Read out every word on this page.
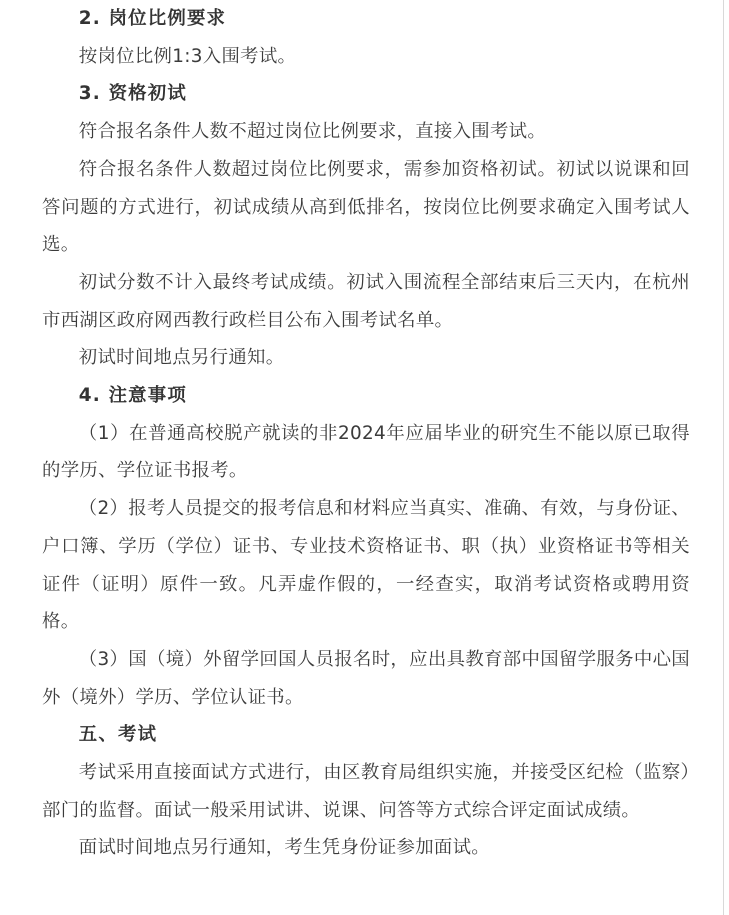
2. 岗位比例要求

按岗位比例1:3入围考试。

3. 资格初试

符合报名条件人数不超过岗位比例要求，直接入围考试。

符合报名条件人数超过岗位比例要求，需参加资格初试。初试以说课和回答问题的方式进行，初试成绩从高到低排名，按岗位比例要求确定入围考试人选。

初试分数不计入最终考试成绩。初试入围流程全部结束后三天内，在杭州市西湖区政府网西教行政栏目公布入围考试名单。

初试时间地点另行通知。

4. 注意事项

（1）在普通高校脱产就读的非2024年应届毕业的研究生不能以原已取得的学历、学位证书报考。

（2）报考人员提交的报考信息和材料应当真实、准确、有效，与身份证、户口簿、学历（学位）证书、专业技术资格证书、职（执）业资格证书等相关证件（证明）原件一致。凡弄虚作假的，一经查实，取消考试资格或聘用资格。

（3）国（境）外留学回国人员报名时，应出具教育部中国留学服务中心国外（境外）学历、学位认证书。

五、考试

考试采用直接面试方式进行，由区教育局组织实施，并接受区纪检（监察）部门的监督。面试一般采用试讲、说课、问答等方式综合评定面试成绩。

面试时间地点另行通知，考生凭身份证参加面试。
